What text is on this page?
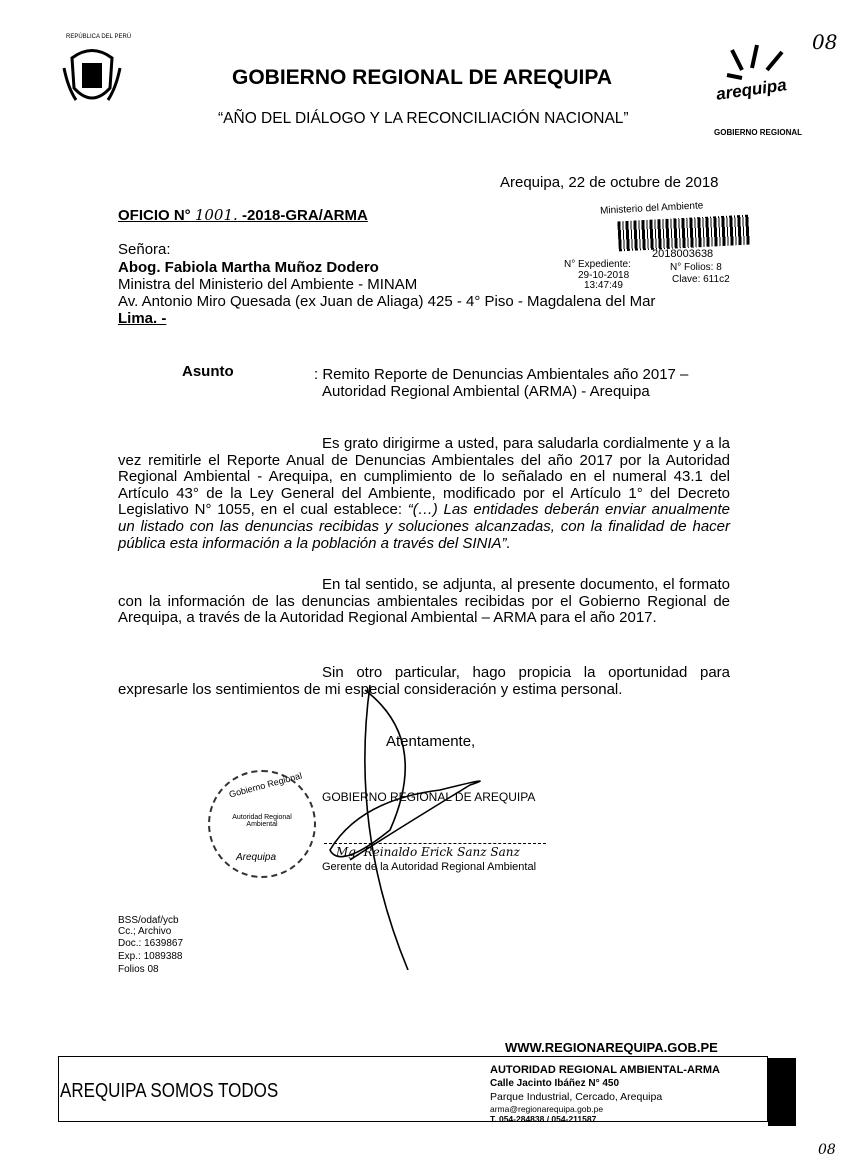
REPÚBLICA DEL PERÚ
GOBIERNO REGIONAL DE AREQUIPA
“AÑO DEL DIÁLOGO Y LA RECONCILIACIÓN NACIONAL”
arequipa
GOBIERNO REGIONAL
08
Arequipa, 22 de octubre de 2018
OFICIO N° 1001. -2018-GRA/ARMA	Ministerio del Ambiente
2018003638
N° Expediente:
29-10-2018
13:47:49
N° Folios: 8
Clave: 611c2
Señora:
Abog. Fabiola Martha Muñoz Dodero
Ministra del Ministerio del Ambiente - MINAM
Av. Antonio Miro Quesada (ex Juan de Aliaga) 425 - 4° Piso - Magdalena del Mar
Lima. -
Asunto	: Remito Reporte de Denuncias Ambientales año 2017 –
Autoridad Regional Ambiental (ARMA) - Arequipa
Es grato dirigirme a usted, para saludarla cordialmente y a la vez remitirle el Reporte Anual de Denuncias Ambientales del año 2017 por la Autoridad Regional Ambiental - Arequipa, en cumplimiento de lo señalado en el numeral 43.1 del Artículo 43° de la Ley General del Ambiente, modificado por el Artículo 1° del Decreto Legislativo N° 1055, en el cual establece: “(…) Las entidades deberán enviar anualmente un listado con las denuncias recibidas y soluciones alcanzadas, con la finalidad de hacer pública esta información a la población a través del SINIA”.
En tal sentido, se adjunta, al presente documento, el formato con la información de las denuncias ambientales recibidas por el Gobierno Regional de Arequipa, a través de la Autoridad Regional Ambiental – ARMA para el año 2017.
Sin otro particular, hago propicia la oportunidad para expresarle los sentimientos de mi especial consideración y estima personal.
Atentamente,
Gobierno Regional
Autoridad Regional Ambiental
Arequipa
GOBIERNO REGIONAL DE AREQUIPA
Mg. Reinaldo Erick Sanz Sanz
Gerente de la Autoridad Regional Ambiental
BSS/odaf/ycb
Cc.; Archivo
Doc.: 1639867
Exp.: 1089388
Folios 08
WWW.REGIONAREQUIPA.GOB.PE
AREQUIPA SOMOS TODOS
AUTORIDAD REGIONAL AMBIENTAL-ARMA
Calle Jacinto Ibáñez N° 450
Parque Industrial, Cercado, Arequipa
arma@regionarequipa.gob.pe
T. 054-284838 / 054-211587
08
